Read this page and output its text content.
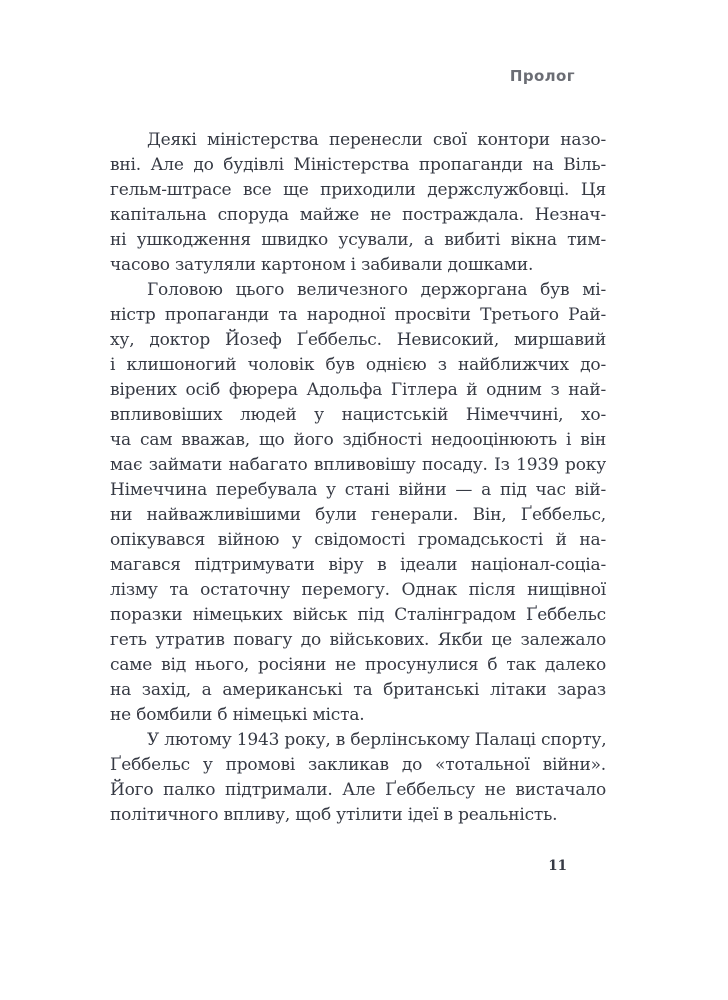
Пролог
Деякі міністерства перенесли свої контори назо-
вні. Але до будівлі Міністерства пропаганди на Віль-
гельм-штрасе все ще приходили держслужбовці. Ця
капітальна споруда майже не постраждала. Незнач-
ні ушкодження швидко усували, а вибиті вікна тим-
часово затуляли картоном і забивали дошками.
Головою цього величезного держоргана був мі-
ністр пропаганди та народної просвіти Третього Рай-
ху, доктор Йозеф Ґеббельс. Невисокий, миршавий
і клишоногий чоловік був однією з найближчих до-
вірених осіб фюрера Адольфа Гітлера й одним з най-
впливовіших людей у нацистській Німеччині, хо-
ча сам вважав, що його здібності недооцінюють і він
має займати набагато впливовішу посаду. Із 1939 року
Німеччина перебувала у стані війни — а під час вій-
ни найважливішими були генерали. Він, Ґеббельс,
опікувався війною у свідомості громадськості й на-
магався підтримувати віру в ідеали націонал-соціа-
лізму та остаточну перемогу. Однак після нищівної
поразки німецьких військ під Сталінградом Ґеббельс
геть утратив повагу до військових. Якби це залежало
саме від нього, росіяни не просунулися б так далеко
на захід, а американські та британські літаки зараз
не бомбили б німецькі міста.
У лютому 1943 року, в берлінському Палаці спорту,
Ґеббельс у промові закликав до «тотальної війни».
Його палко підтримали. Але Ґеббельсу не вистачало
політичного впливу, щоб утілити ідеї в реальність.
11
